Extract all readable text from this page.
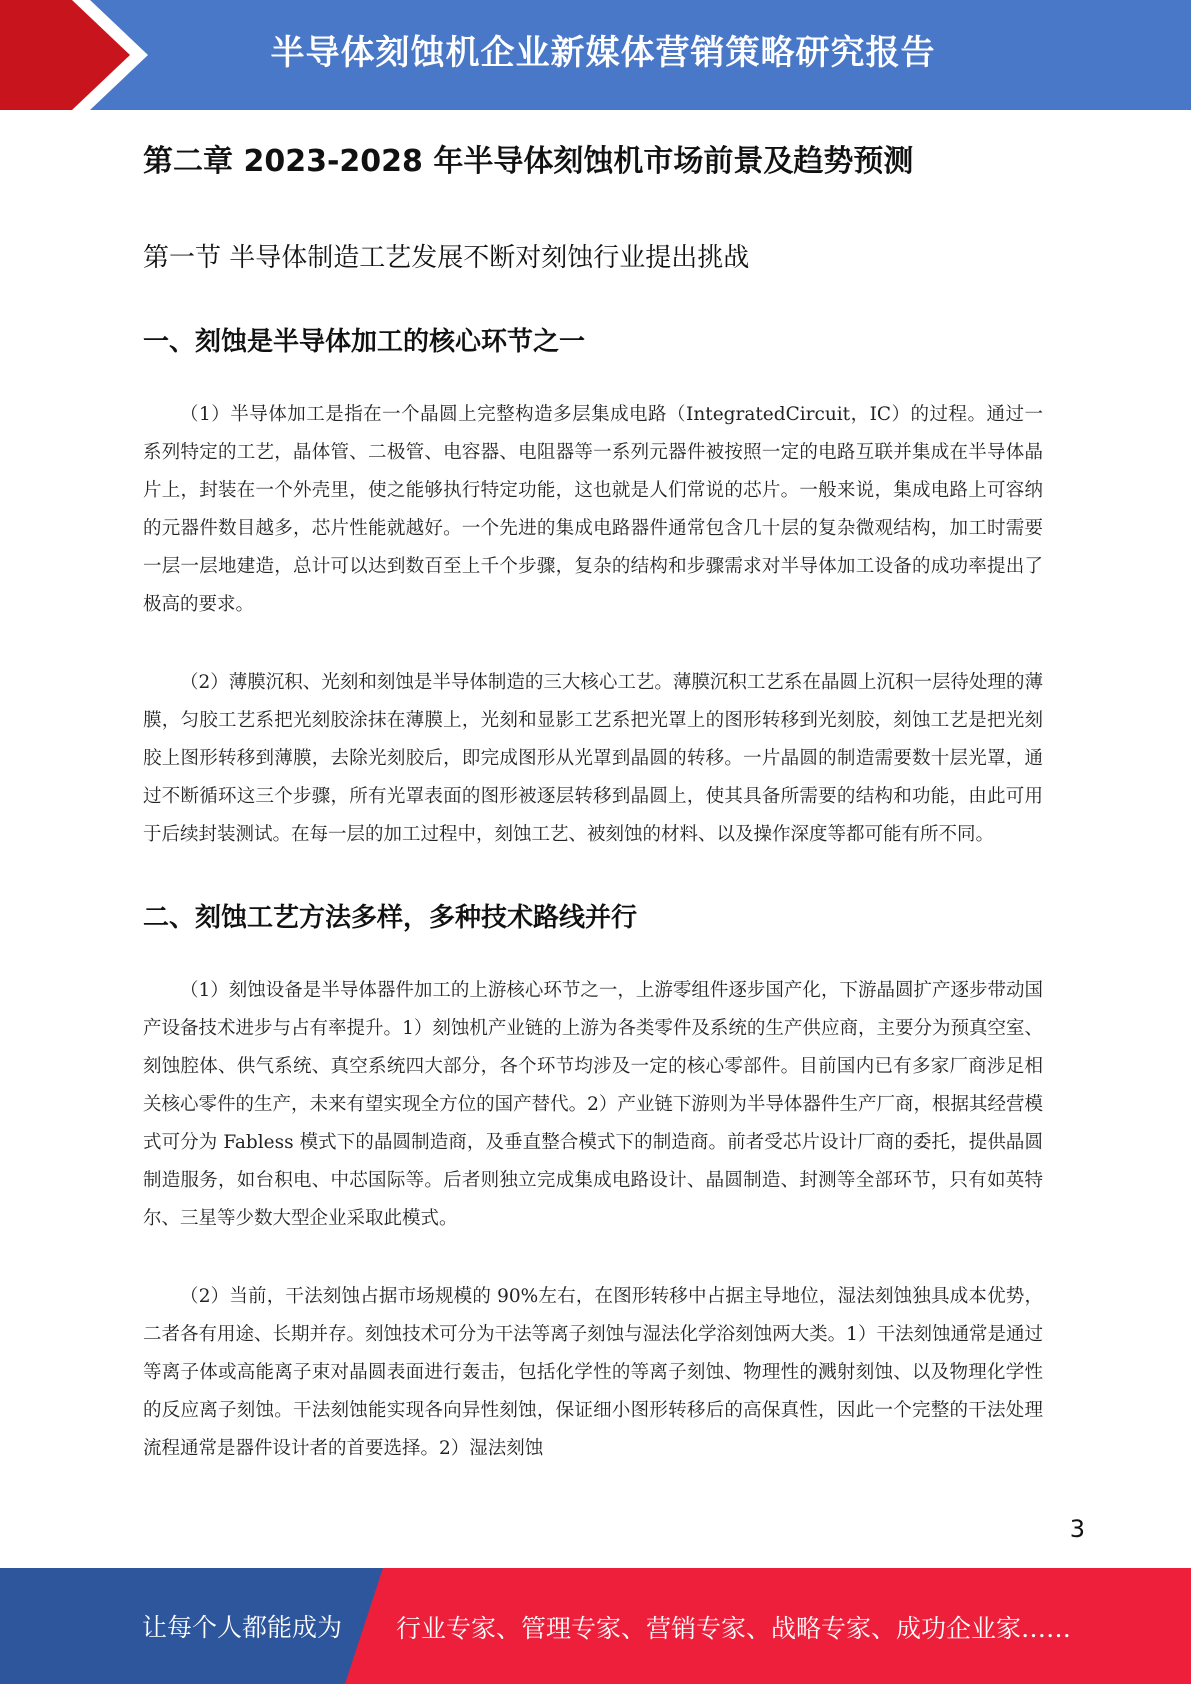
半导体刻蚀机企业新媒体营销策略研究报告
第二章 2023-2028 年半导体刻蚀机市场前景及趋势预测
第一节 半导体制造工艺发展不断对刻蚀行业提出挑战
一、刻蚀是半导体加工的核心环节之一

（1）半导体加工是指在一个晶圆上完整构造多层集成电路（IntegratedCircuit，IC）的过程。通过一系列特定的工艺，晶体管、二极管、电容器、电阻器等一系列元器件被按照一定的电路互联并集成在半导体晶片上，封装在一个外壳里，使之能够执行特定功能，这也就是人们常说的芯片。一般来说，集成电路上可容纳的元器件数目越多，芯片性能就越好。一个先进的集成电路器件通常包含几十层的复杂微观结构，加工时需要一层一层地建造，总计可以达到数百至上千个步骤，复杂的结构和步骤需求对半导体加工设备的成功率提出了极高的要求。

（2）薄膜沉积、光刻和刻蚀是半导体制造的三大核心工艺。薄膜沉积工艺系在晶圆上沉积一层待处理的薄膜，匀胶工艺系把光刻胶涂抹在薄膜上，光刻和显影工艺系把光罩上的图形转移到光刻胶，刻蚀工艺是把光刻胶上图形转移到薄膜，去除光刻胶后，即完成图形从光罩到晶圆的转移。一片晶圆的制造需要数十层光罩，通过不断循环这三个步骤，所有光罩表面的图形被逐层转移到晶圆上，使其具备所需要的结构和功能，由此可用于后续封装测试。在每一层的加工过程中，刻蚀工艺、被刻蚀的材料、以及操作深度等都可能有所不同。

二、刻蚀工艺方法多样，多种技术路线并行

（1）刻蚀设备是半导体器件加工的上游核心环节之一，上游零组件逐步国产化，下游晶圆扩产逐步带动国产设备技术进步与占有率提升。1）刻蚀机产业链的上游为各类零件及系统的生产供应商，主要分为预真空室、刻蚀腔体、供气系统、真空系统四大部分，各个环节均涉及一定的核心零部件。目前国内已有多家厂商涉足相关核心零件的生产，未来有望实现全方位的国产替代。2）产业链下游则为半导体器件生产厂商，根据其经营模式可分为 Fabless 模式下的晶圆制造商，及垂直整合模式下的制造商。前者受芯片设计厂商的委托，提供晶圆制造服务，如台积电、中芯国际等。后者则独立完成集成电路设计、晶圆制造、封测等全部环节，只有如英特尔、三星等少数大型企业采取此模式。

（2）当前，干法刻蚀占据市场规模的 90%左右，在图形转移中占据主导地位，湿法刻蚀独具成本优势，二者各有用途、长期并存。刻蚀技术可分为干法等离子刻蚀与湿法化学浴刻蚀两大类。1）干法刻蚀通常是通过等离子体或高能离子束对晶圆表面进行轰击，包括化学性的等离子刻蚀、物理性的溅射刻蚀、以及物理化学性的反应离子刻蚀。干法刻蚀能实现各向异性刻蚀，保证细小图形转移后的高保真性，因此一个完整的干法处理流程通常是器件设计者的首要选择。2）湿法刻蚀

3
让每个人都能成为 行业专家、管理专家、营销专家、战略专家、成功企业家……
